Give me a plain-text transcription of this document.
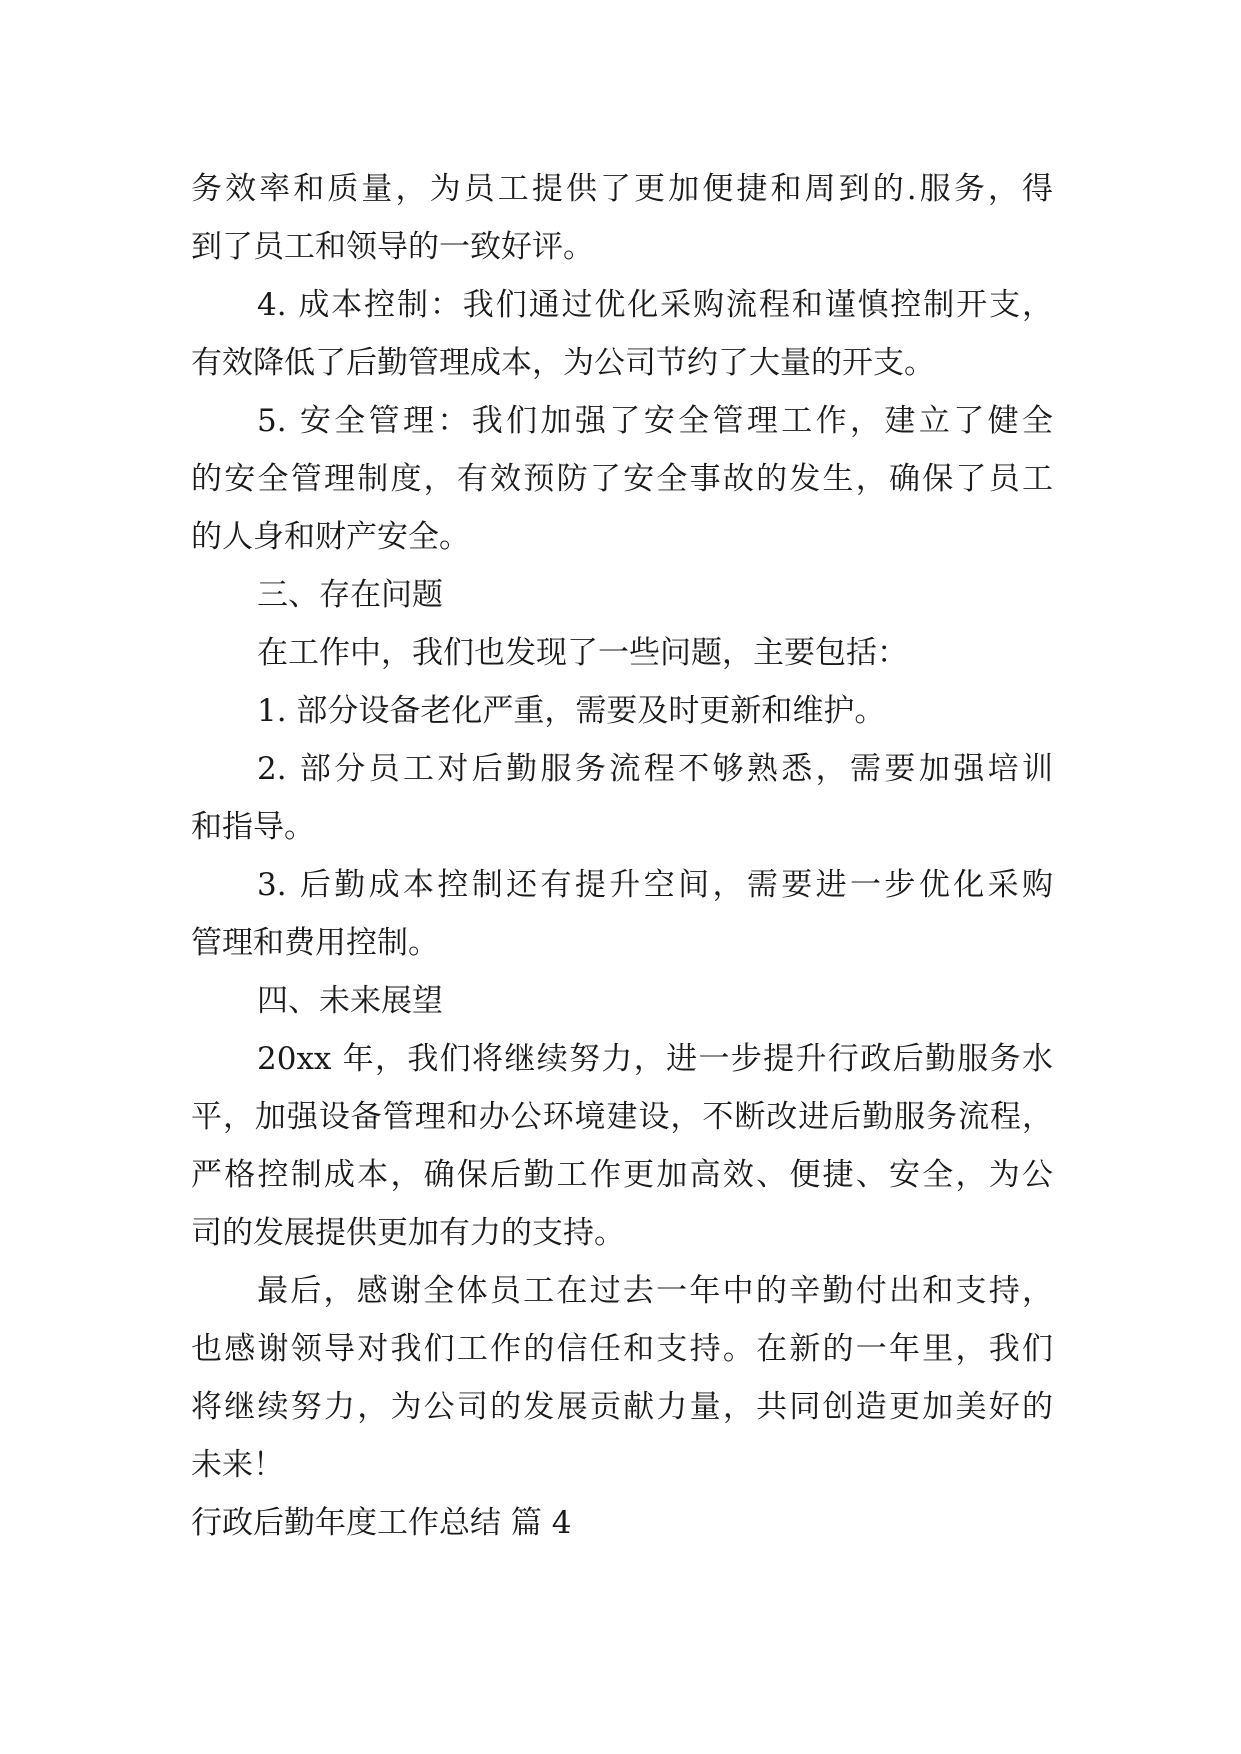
务效率和质量，为员工提供了更加便捷和周到的.服务，得
到了员工和领导的一致好评。
4. 成本控制：我们通过优化采购流程和谨慎控制开支，
有效降低了后勤管理成本，为公司节约了大量的开支。
5. 安全管理：我们加强了安全管理工作，建立了健全
的安全管理制度，有效预防了安全事故的发生，确保了员工
的人身和财产安全。
三、存在问题
在工作中，我们也发现了一些问题，主要包括：
1. 部分设备老化严重，需要及时更新和维护。
2. 部分员工对后勤服务流程不够熟悉，需要加强培训
和指导。
3. 后勤成本控制还有提升空间，需要进一步优化采购
管理和费用控制。
四、未来展望
20xx 年，我们将继续努力，进一步提升行政后勤服务水
平，加强设备管理和办公环境建设，不断改进后勤服务流程，
严格控制成本，确保后勤工作更加高效、便捷、安全，为公
司的发展提供更加有力的支持。
最后，感谢全体员工在过去一年中的辛勤付出和支持，
也感谢领导对我们工作的信任和支持。在新的一年里，我们
将继续努力，为公司的发展贡献力量，共同创造更加美好的
未来！
行政后勤年度工作总结 篇 4
